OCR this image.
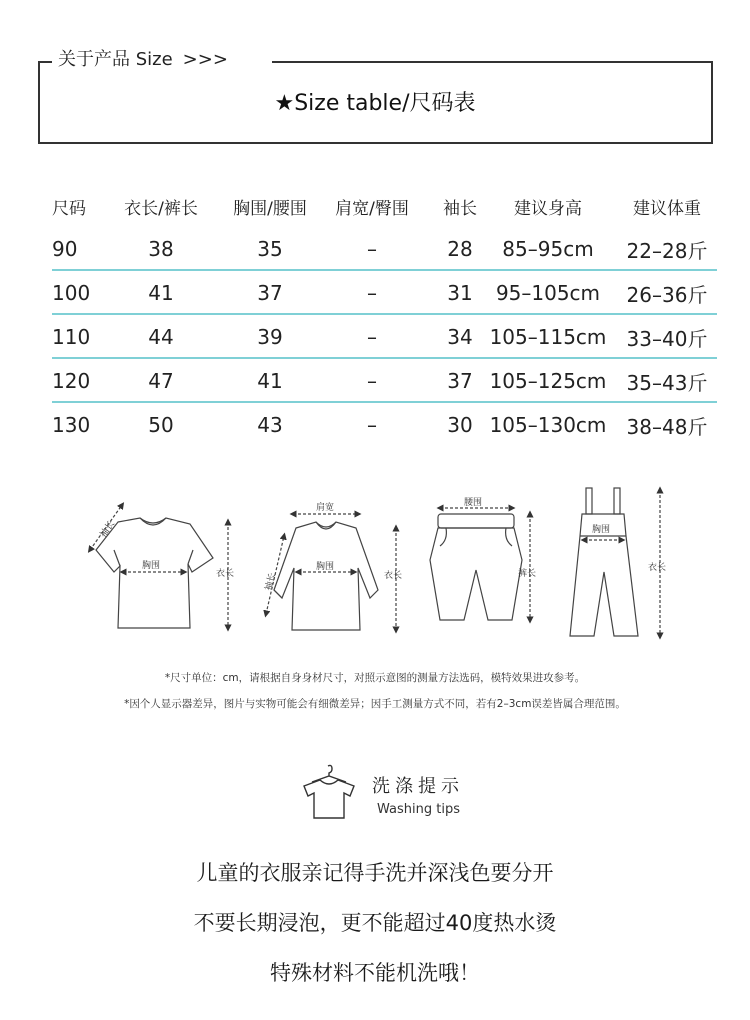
关于产品 Size >>>
★Size table/尺码表
尺码	衣长/裤长	胸围/腰围	肩宽/臀围	袖长	建议身高	建议体重
90	38	35	–	28	85–95cm	22–28斤
100	41	37	–	31	95–105cm	26–36斤
110	44	39	–	34 105–115cm	33–40斤
120	47	41	–	37 105–125cm	35–43斤
130	50	43	–	30 105–130cm	38–48斤
袖长
胸围
衣长
肩宽
胸围
衣长
袖长
腰围
裤长
胸围
衣长
*尺寸单位：cm，请根据自身身材尺寸，对照示意图的测量方法选码，模特效果进攻参考。
*因个人显示器差异，图片与实物可能会有细微差异；因手工测量方式不同，若有2–3cm误差皆属合理范围。
洗涤提示
Washing tips
儿童的衣服亲记得手洗并深浅色要分开
不要长期浸泡，更不能超过40度热水烫
特殊材料不能机洗哦！
